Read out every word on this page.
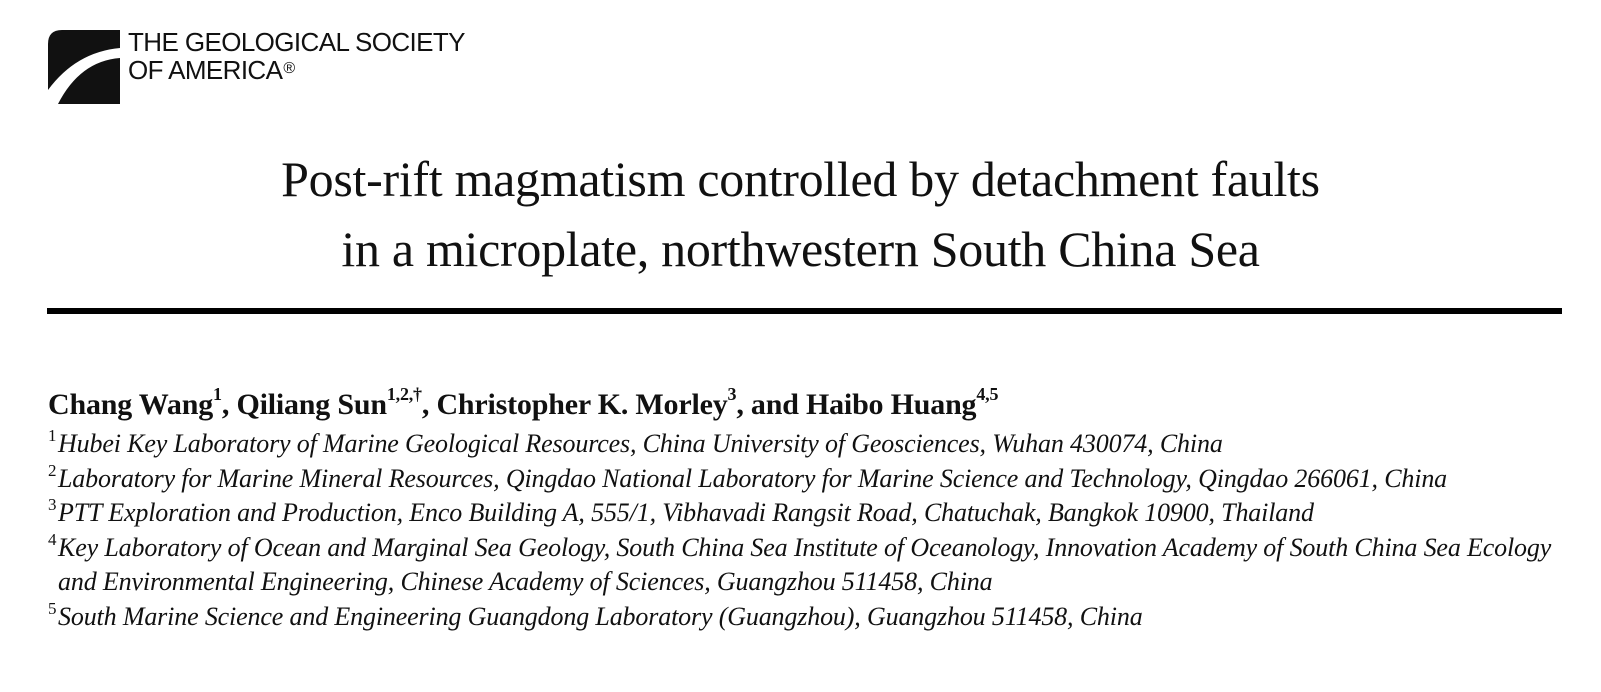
THE GEOLOGICAL SOCIETY
OF AMERICA®
Post-rift magmatism controlled by detachment faults
in a microplate, northwestern South China Sea
Chang Wang$^1$, Qiliang Sun$^{1,2,\dagger}$, Christopher K. Morley$^3$, and Haibo Huang$^{4,5}$
1 Hubei Key Laboratory of Marine Geological Resources, China University of Geosciences, Wuhan 430074, China
2 Laboratory for Marine Mineral Resources, Qingdao National Laboratory for Marine Science and Technology, Qingdao 266061, China
3 PTT Exploration and Production, Enco Building A, 555/1, Vibhavadi Rangsit Road, Chatuchak, Bangkok 10900, Thailand
4 Key Laboratory of Ocean and Marginal Sea Geology, South China Sea Institute of Oceanology, Innovation Academy of South China Sea Ecology and Environmental Engineering, Chinese Academy of Sciences, Guangzhou 511458, China
5 South Marine Science and Engineering Guangdong Laboratory (Guangzhou), Guangzhou 511458, China
